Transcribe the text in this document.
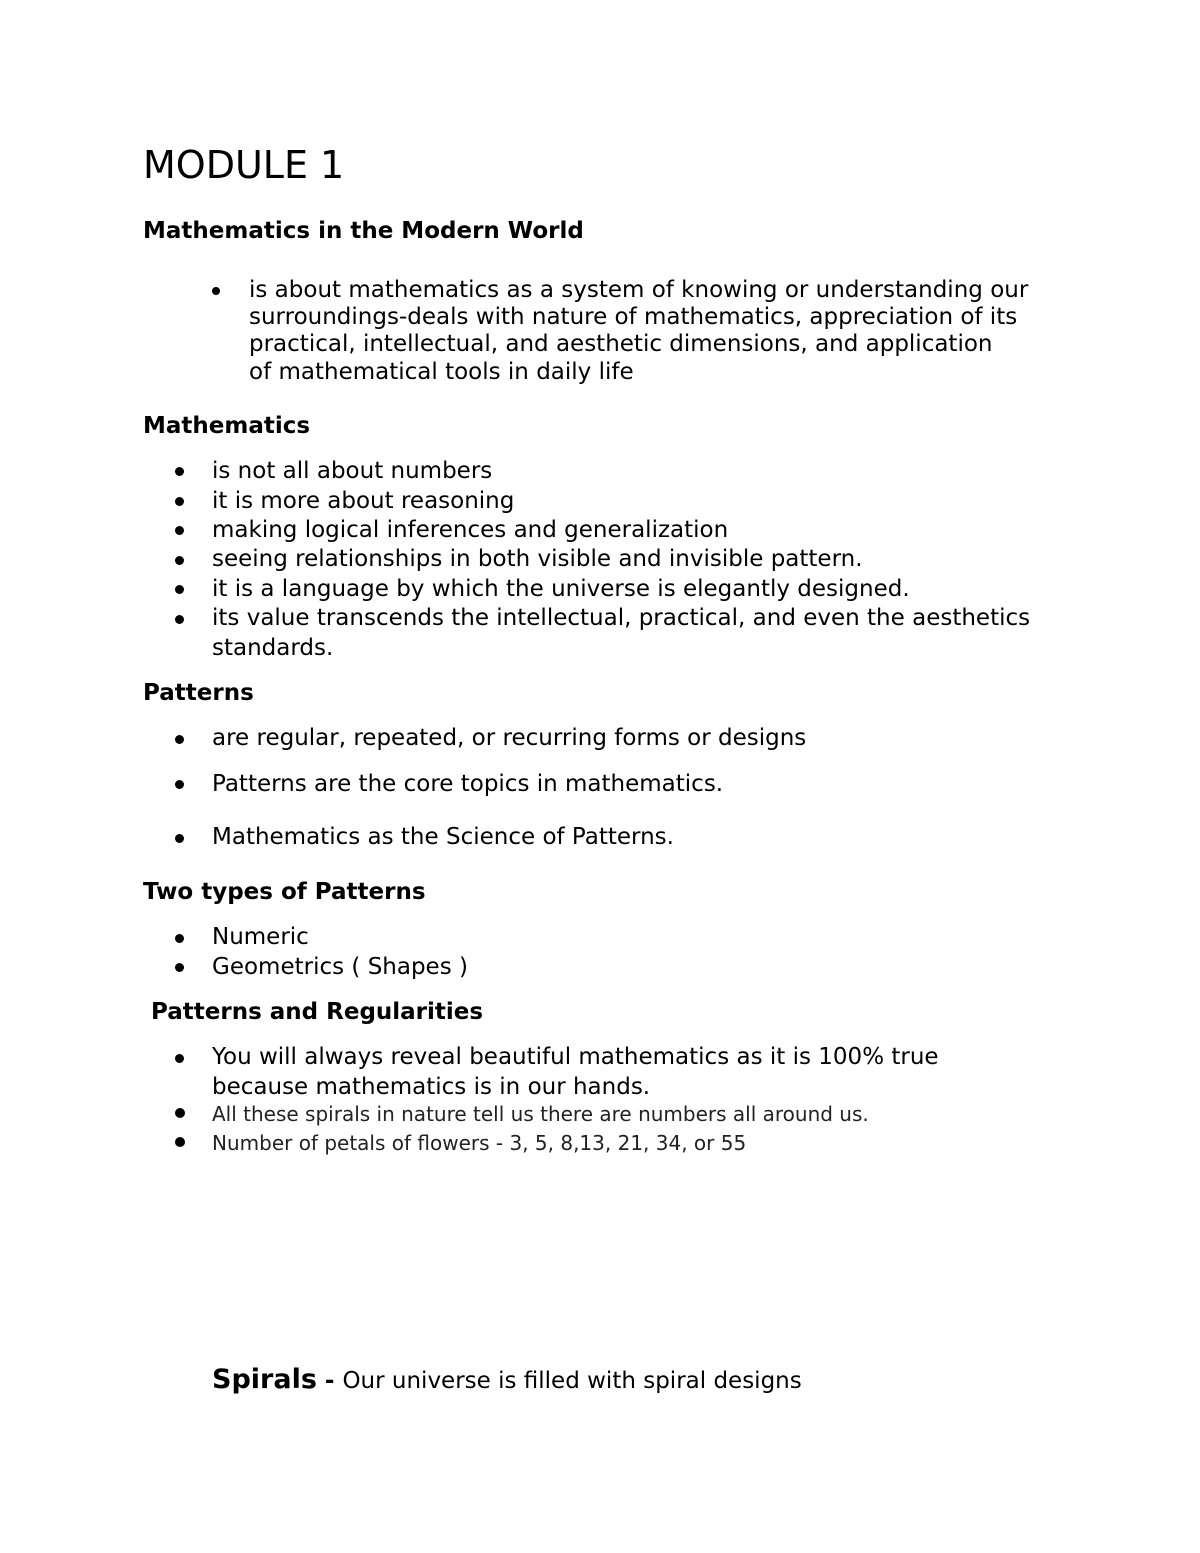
MODULE 1
Mathematics in the Modern World
is about mathematics as a system of knowing or understanding our
surroundings-deals with nature of mathematics, appreciation of its
practical, intellectual, and aesthetic dimensions, and application
of mathematical tools in daily life
Mathematics
is not all about numbers
it is more about reasoning
making logical inferences and generalization
seeing relationships in both visible and invisible pattern.
it is a language by which the universe is elegantly designed.
its value transcends the intellectual, practical, and even the aesthetics
standards.
Patterns
are regular, repeated, or recurring forms or designs
Patterns are the core topics in mathematics.
Mathematics as the Science of Patterns.
Two types of Patterns
Numeric
Geometrics ( Shapes )
Patterns and Regularities
You will always reveal beautiful mathematics as it is 100% true
because mathematics is in our hands.
All these spirals in nature tell us there are numbers all around us.
Number of petals of flowers - 3, 5, 8,13, 21, 34, or 55
Spirals - Our universe is filled with spiral designs
